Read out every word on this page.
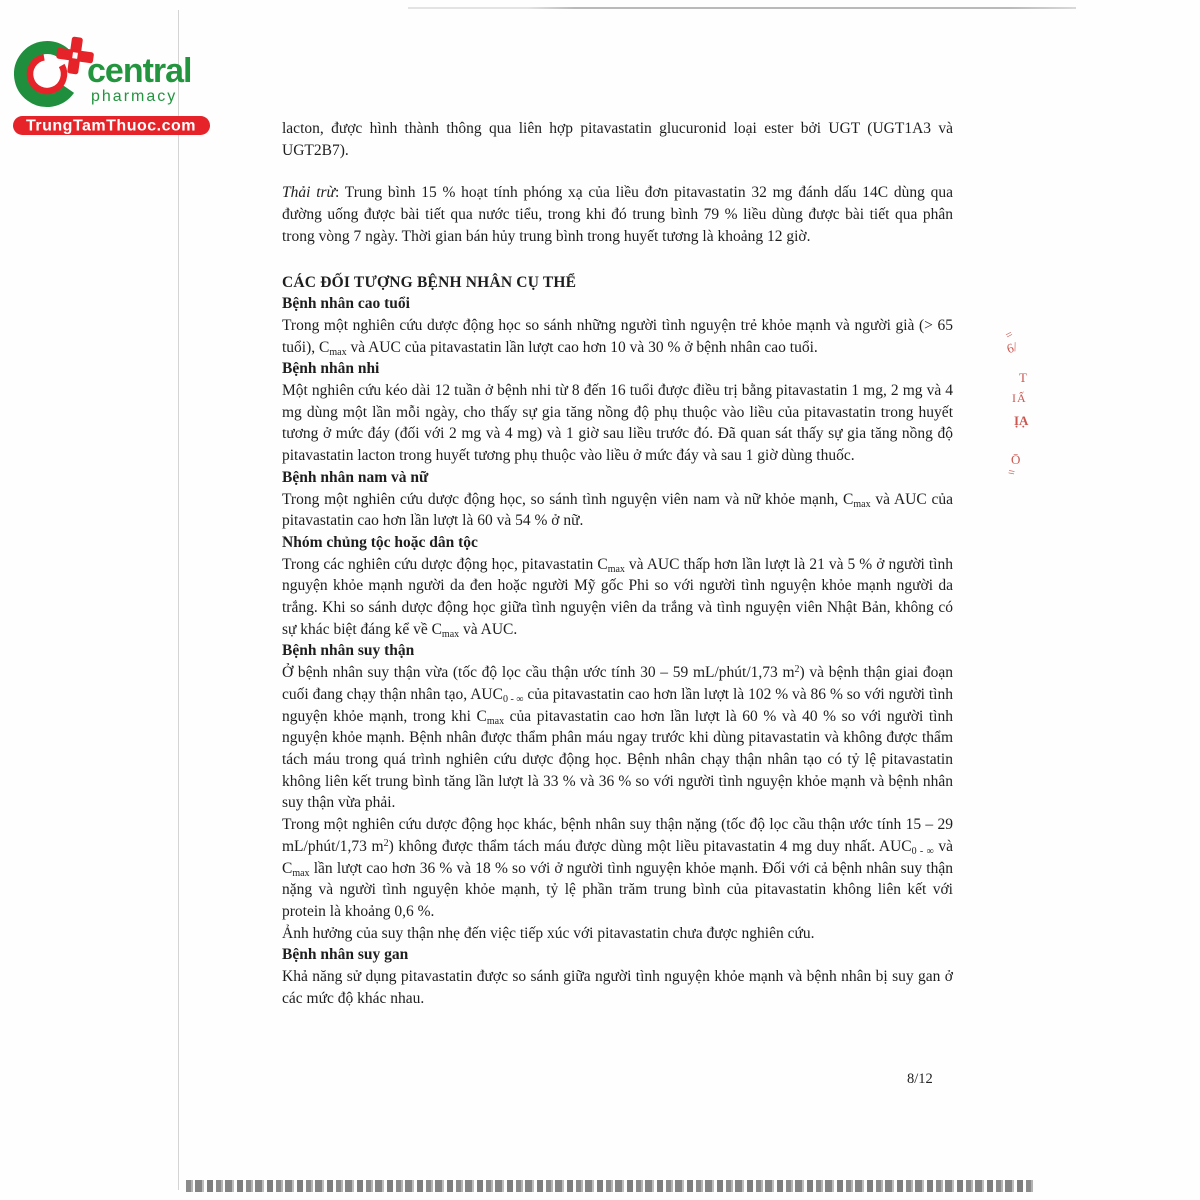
central
pharmacy
TrungTamThuoc.com	lacton, được hình thành thông qua liên hợp pitavastatin glucuronid loại ester bởi UGT (UGT1A3 và UGT2B7).

Thải trừ: Trung bình 15 % hoạt tính phóng xạ của liều đơn pitavastatin 32 mg đánh dấu 14C dùng qua đường uống được bài tiết qua nước tiểu, trong khi đó trung bình 79 % liều dùng được bài tiết qua phân trong vòng 7 ngày. Thời gian bán hủy trung bình trong huyết tương là khoảng 12 giờ.

CÁC ĐỐI TƯỢNG BỆNH NHÂN CỤ THỂ
Bệnh nhân cao tuổi

Trong một nghiên cứu dược động học so sánh những người tình nguyện trẻ khỏe mạnh và người già (> 65 tuổi), $C_{max}$ và AUC của pitavastatin lần lượt cao hơn 10 và 30 % ở bệnh nhân cao tuổi.

Bệnh nhân nhi

Một nghiên cứu kéo dài 12 tuần ở bệnh nhi từ 8 đến 16 tuổi được điều trị bằng pitavastatin 1 mg, 2 mg và 4 mg dùng một lần mỗi ngày, cho thấy sự gia tăng nồng độ phụ thuộc vào liều của pitavastatin trong huyết tương ở mức đáy (đối với 2 mg và 4 mg) và 1 giờ sau liều trước đó. Đã quan sát thấy sự gia tăng nồng độ pitavastatin lacton trong huyết tương phụ thuộc vào liều ở mức đáy và sau 1 giờ dùng thuốc.

Bệnh nhân nam và nữ

Trong một nghiên cứu dược động học, so sánh tình nguyện viên nam và nữ khỏe mạnh, $C_{max}$ và AUC của pitavastatin cao hơn lần lượt là 60 và 54 % ở nữ.

Nhóm chủng tộc hoặc dân tộc

Trong các nghiên cứu dược động học, pitavastatin $C_{max}$ và AUC thấp hơn lần lượt là 21 và 5 % ở người tình nguyện khỏe mạnh người da đen hoặc người Mỹ gốc Phi so với người tình nguyện khỏe mạnh người da trắng. Khi so sánh dược động học giữa tình nguyện viên da trắng và tình nguyện viên Nhật Bản, không có sự khác biệt đáng kể về $C_{max}$ và AUC.

Bệnh nhân suy thận

Ở bệnh nhân suy thận vừa (tốc độ lọc cầu thận ước tính 30 – 59 mL/phút/1,73 $m^2$) và bệnh thận giai đoạn cuối đang chạy thận nhân tạo, $AUC_{0 - \infty}$ của pitavastatin cao hơn lần lượt là 102 % và 86 % so với người tình nguyện khỏe mạnh, trong khi $C_{max}$ của pitavastatin cao hơn lần lượt là 60 % và 40 % so với người tình nguyện khỏe mạnh. Bệnh nhân được thẩm phân máu ngay trước khi dùng pitavastatin và không được thẩm tách máu trong quá trình nghiên cứu dược động học. Bệnh nhân chạy thận nhân tạo có tỷ lệ pitavastatin không liên kết trung bình tăng lần lượt là 33 % và 36 % so với người tình nguyện khỏe mạnh và bệnh nhân suy thận vừa phải.

Trong một nghiên cứu dược động học khác, bệnh nhân suy thận nặng (tốc độ lọc cầu thận ước tính 15 – 29 mL/phút/1,73 $m^2$) không được thẩm tách máu được dùng một liều pitavastatin 4 mg duy nhất. $AUC_{0 - \infty}$ và $C_{max}$ lần lượt cao hơn 36 % và 18 % so với ở người tình nguyện khỏe mạnh. Đối với cả bệnh nhân suy thận nặng và người tình nguyện khỏe mạnh, tỷ lệ phần trăm trung bình của pitavastatin không liên kết với protein là khoảng 0,6 %.

Ảnh hưởng của suy thận nhẹ đến việc tiếp xúc với pitavastatin chưa được nghiên cứu.

Bệnh nhân suy gan

Khả năng sử dụng pitavastatin được so sánh giữa người tình nguyện khỏe mạnh và bệnh nhân bị suy gan ở các mức độ khác nhau.

=
6/
T
IẤ
ỊẠ
Ō
=
8/12
